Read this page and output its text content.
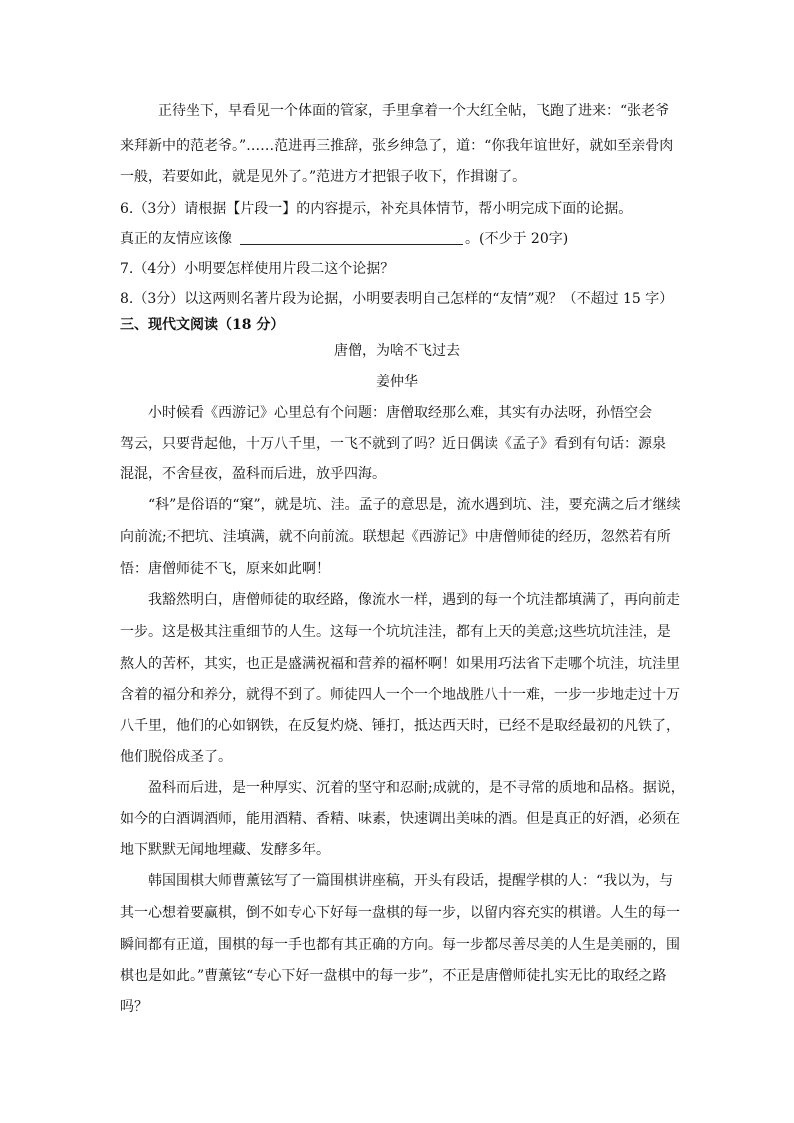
正待坐下，早看见一个体面的管家，手里拿着一个大红全帖，飞跑了进来：“张老爷
来拜新中的范老爷。”……范进再三推辞，张乡绅急了，道：“你我年谊世好，就如至亲骨肉
一般，若要如此，就是见外了。”范进方才把银子收下，作揖谢了。
6.（3分）请根据【片段一】的内容提示，补充具体情节，帮小明完成下面的论据。
真正的友情应该像	。(不少于 20字)
7.（4分）小明要怎样使用片段二这个论据？
8.（3分）以这两则名著片段为论据，小明要表明自己怎样的“友情”观？（不超过 15 字）
三、现代文阅读（18 分）
唐僧，为啥不飞过去
姜仲华
小时候看《西游记》心里总有个问题：唐僧取经那么难，其实有办法呀，孙悟空会
驾云，只要背起他，十万八千里，一飞不就到了吗？近日偶读《孟子》看到有句话：源泉
混混，不舍昼夜，盈科而后进，放乎四海。
“科”是俗语的“窠”，就是坑、洼。孟子的意思是，流水遇到坑、洼，要充满之后才继续
向前流;不把坑、洼填满，就不向前流。联想起《西游记》中唐僧师徒的经历，忽然若有所
悟：唐僧师徒不飞，原来如此啊！
我豁然明白，唐僧师徒的取经路，像流水一样，遇到的每一个坑洼都填满了，再向前走
一步。这是极其注重细节的人生。这每一个坑坑洼洼，都有上天的美意;这些坑坑洼洼，是
熬人的苦杯，其实，也正是盛满祝福和营养的福杯啊！如果用巧法省下走哪个坑洼，坑洼里
含着的福分和养分，就得不到了。师徒四人一个一个地战胜八十一难，一步一步地走过十万
八千里，他们的心如钢铁，在反复灼烧、锤打，抵达西天时，已经不是取经最初的凡铁了，
他们脱俗成圣了。
盈科而后进，是一种厚实、沉着的坚守和忍耐;成就的，是不寻常的质地和品格。据说，
如今的白酒调酒师，能用酒精、香精、味素，快速调出美味的酒。但是真正的好酒，必须在
地下默默无闻地埋藏、发酵多年。
韩国围棋大师曹薰铉写了一篇围棋讲座稿，开头有段话，提醒学棋的人：“我以为，与
其一心想着要赢棋，倒不如专心下好每一盘棋的每一步，以留内容充实的棋谱。人生的每一
瞬间都有正道，围棋的每一手也都有其正确的方向。每一步都尽善尽美的人生是美丽的，围
棋也是如此。”曹薰铉“专心下好一盘棋中的每一步”，不正是唐僧师徒扎实无比的取经之路
吗？
